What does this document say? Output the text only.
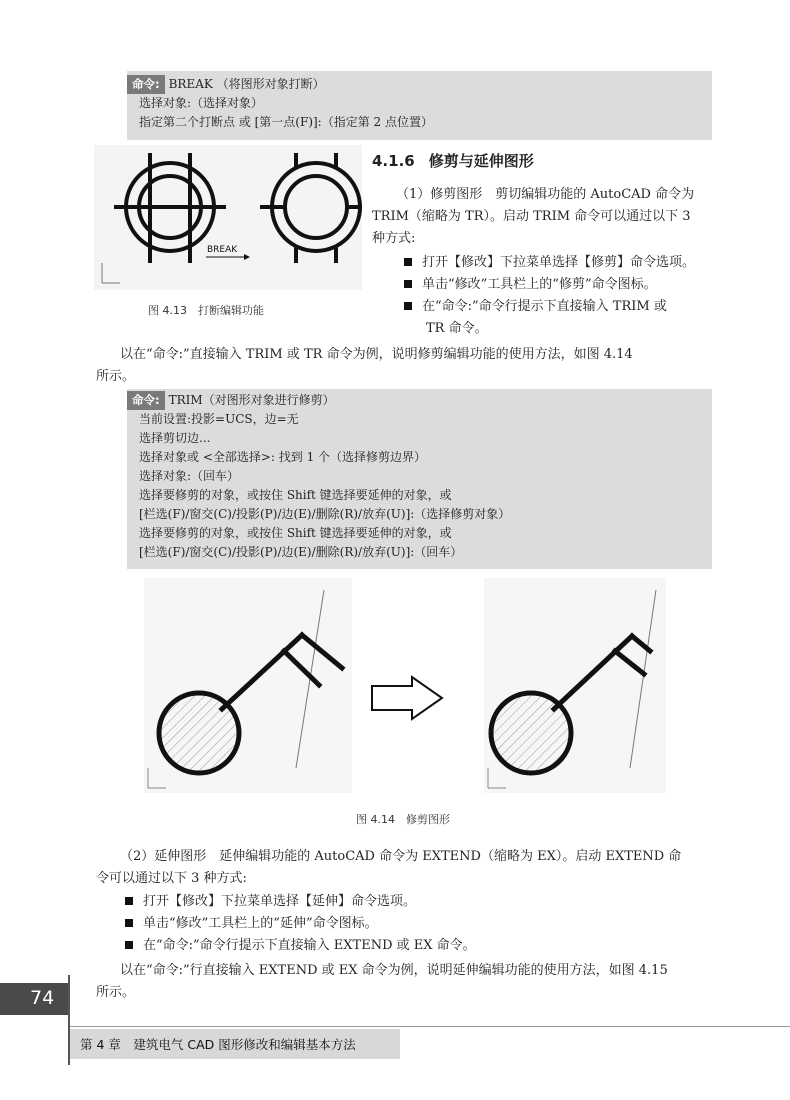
命令: BREAK （将图形对象打断）
选择对象:（选择对象）
指定第二个打断点 或 [第一点(F)]:（指定第 2 点位置）
BREAK
图 4.13　打断编辑功能
4.1.6 修剪与延伸图形
（1）修剪图形　剪切编辑功能的 AutoCAD 命令为
TRIM（缩略为 TR）。启动 TRIM 命令可以通过以下 3
种方式:
打开【修改】下拉菜单选择【修剪】命令选项。
单击“修改”工具栏上的“修剪”命令图标。
在“命令:”命令行提示下直接输入 TRIM 或
TR 命令。
以在“命令:”直接输入 TRIM 或 TR 命令为例，说明修剪编辑功能的使用方法，如图 4.14
所示。
命令: TRIM（对图形对象进行修剪）
当前设置:投影=UCS，边=无
选择剪切边...
选择对象或 <全部选择>: 找到 1 个（选择修剪边界）
选择对象:（回车）
选择要修剪的对象，或按住 Shift 键选择要延伸的对象，或
[栏选(F)/窗交(C)/投影(P)/边(E)/删除(R)/放弃(U)]:（选择修剪对象）
选择要修剪的对象，或按住 Shift 键选择要延伸的对象，或
[栏选(F)/窗交(C)/投影(P)/边(E)/删除(R)/放弃(U)]:（回车）
图 4.14　修剪图形
（2）延伸图形　延伸编辑功能的 AutoCAD 命令为 EXTEND（缩略为 EX）。启动 EXTEND 命
令可以通过以下 3 种方式:
打开【修改】下拉菜单选择【延伸】命令选项。
单击“修改”工具栏上的“延伸”命令图标。
在“命令:”命令行提示下直接输入 EXTEND 或 EX 命令。
以在“命令:”行直接输入 EXTEND 或 EX 命令为例，说明延伸编辑功能的使用方法，如图 4.15
所示。
74
第 4 章　建筑电气 CAD 图形修改和编辑基本方法
